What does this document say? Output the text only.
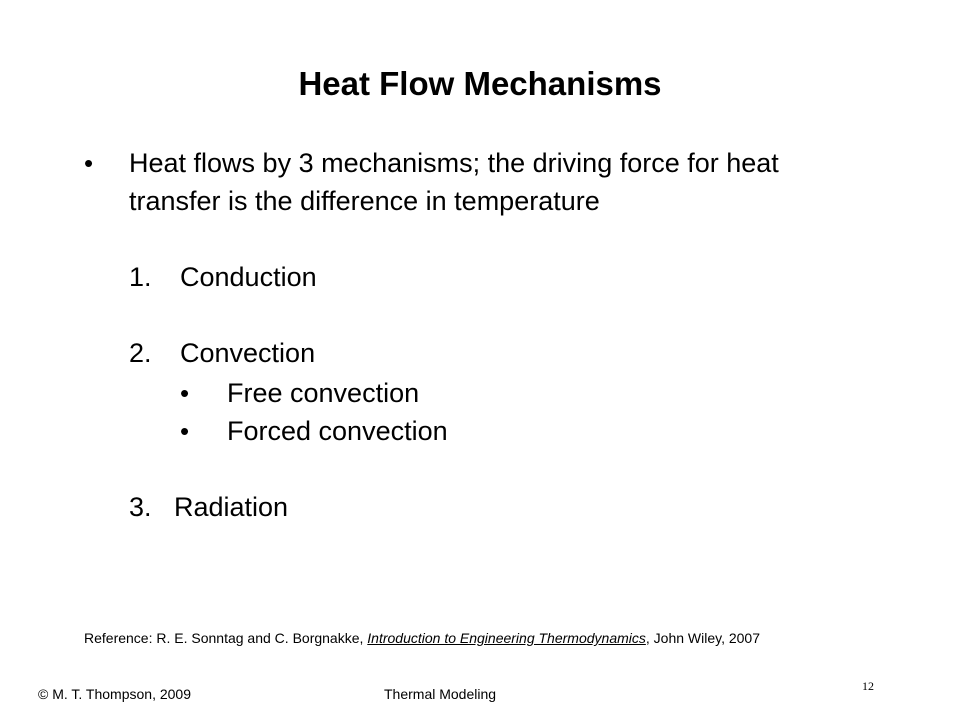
Heat Flow Mechanisms
• Heat flows by 3 mechanisms; the driving force for heat
transfer is the difference in temperature
1. Conduction
2. Convection
• Free convection
• Forced convection
3. Radiation
Reference: R. E. Sonntag and C. Borgnakke, Introduction to Engineering Thermodynamics, John Wiley, 2007
© M. T. Thompson, 2009	Thermal Modeling	12
